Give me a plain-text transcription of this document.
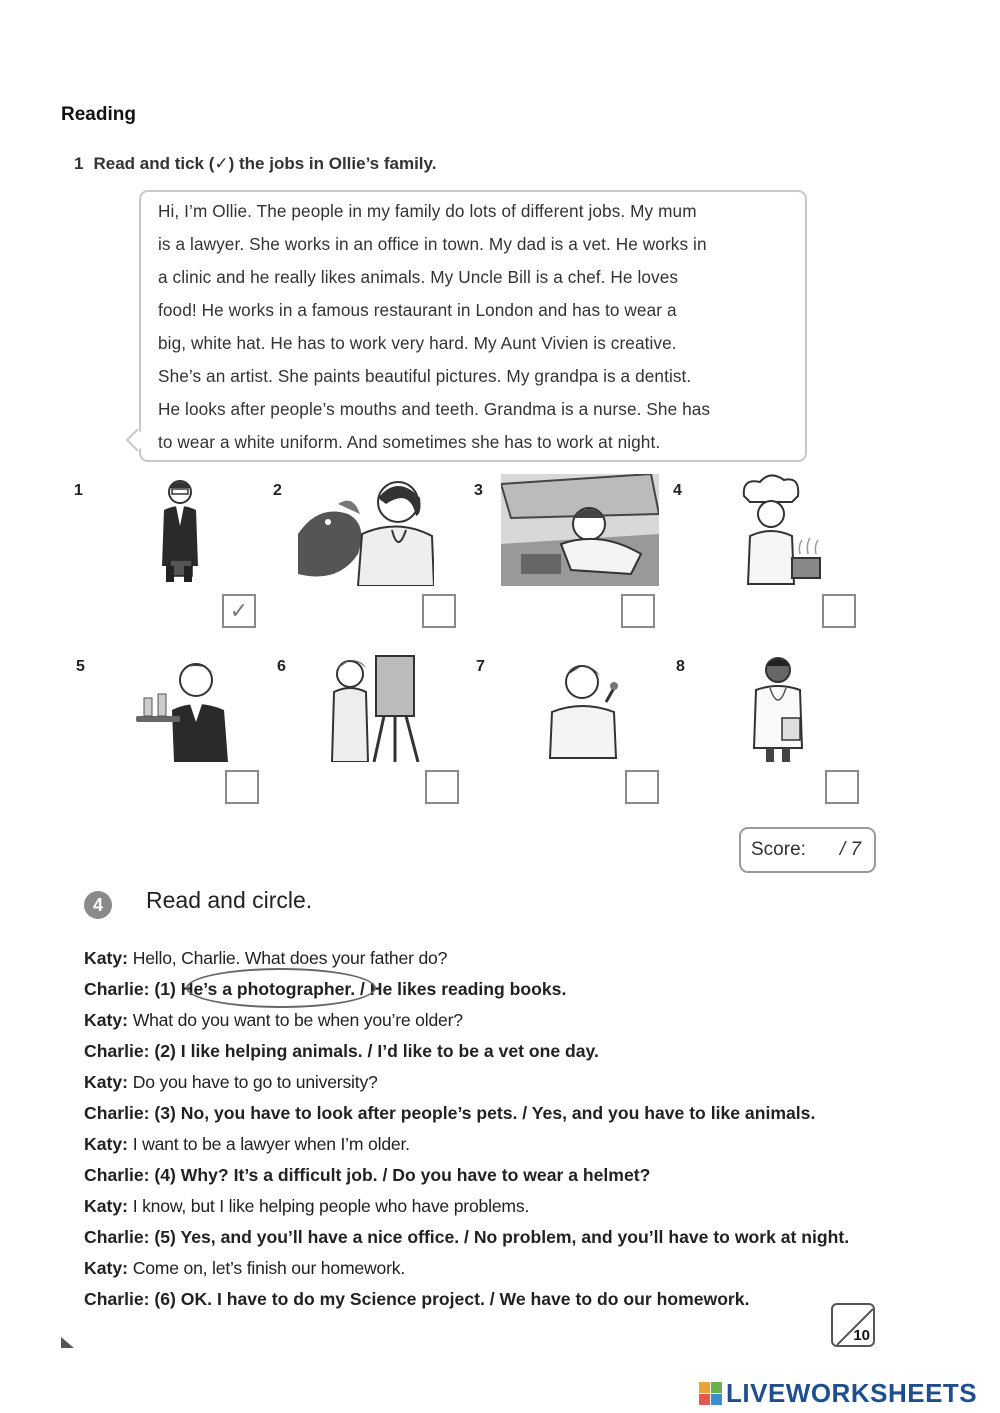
Reading
1 Read and tick (✓) the jobs in Ollie’s family.
Hi, I’m Ollie. The people in my family do lots of different jobs. My mum
is a lawyer. She works in an office in town. My dad is a vet. He works in
a clinic and he really likes animals. My Uncle Bill is a chef. He loves
food! He works in a famous restaurant in London and has to wear a
big, white hat. He has to work very hard. My Aunt Vivien is creative.
She’s an artist. She paints beautiful pictures. My grandpa is a dentist.
He looks after people’s mouths and teeth. Grandma is a nurse. She has
to wear a white uniform. And sometimes she has to work at night.
1	2	3	4
✓
5	6	7	8
Score: / 7
4	Read and circle.
Katy: Hello, Charlie. What does your father do?
Charlie: (1) He’s a photographer. / He likes reading books.
Katy: What do you want to be when you’re older?
Charlie: (2) I like helping animals. / I’d like to be a vet one day.
Katy: Do you have to go to university?
Charlie: (3) No, you have to look after people’s pets. / Yes, and you have to like animals.
Katy: I want to be a lawyer when I’m older.
Charlie: (4) Why? It’s a difficult job. / Do you have to wear a helmet?
Katy: I know, but I like helping people who have problems.
Charlie: (5) Yes, and you’ll have a nice office. / No problem, and you’ll have to work at night.
Katy: Come on, let’s finish our homework.
Charlie: (6) OK. I have to do my Science project. / We have to do our homework.
10
LIVEWORKSHEETS
